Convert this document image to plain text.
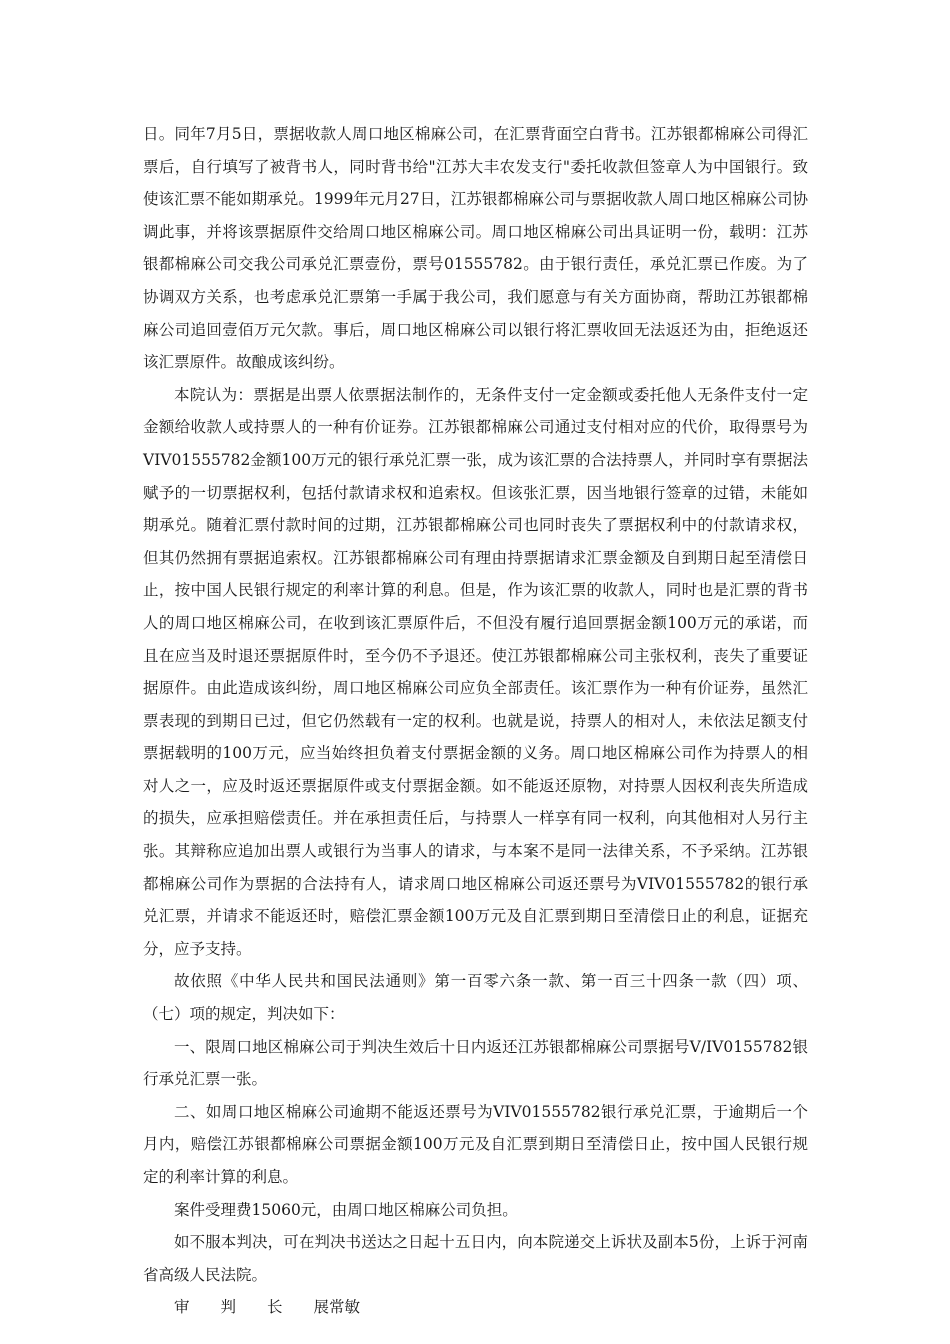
日。同年7月5日，票据收款人周口地区棉麻公司，在汇票背面空白背书。江苏银都棉麻公司得汇票后，自行填写了被背书人，同时背书给"江苏大丰农发支行"委托收款但签章人为中国银行。致使该汇票不能如期承兑。1999年元月27日，江苏银都棉麻公司与票据收款人周口地区棉麻公司协调此事，并将该票据原件交给周口地区棉麻公司。周口地区棉麻公司出具证明一份，载明：江苏银都棉麻公司交我公司承兑汇票壹份，票号01555782。由于银行责任，承兑汇票已作废。为了协调双方关系，也考虑承兑汇票第一手属于我公司，我们愿意与有关方面协商，帮助江苏银都棉麻公司追回壹佰万元欠款。事后，周口地区棉麻公司以银行将汇票收回无法返还为由，拒绝返还该汇票原件。故酿成该纠纷。

本院认为：票据是出票人依票据法制作的，无条件支付一定金额或委托他人无条件支付一定金额给收款人或持票人的一种有价证券。江苏银都棉麻公司通过支付相对应的代价，取得票号为VIV01555782金额100万元的银行承兑汇票一张，成为该汇票的合法持票人，并同时享有票据法赋予的一切票据权利，包括付款请求权和追索权。但该张汇票，因当地银行签章的过错，未能如期承兑。随着汇票付款时间的过期，江苏银都棉麻公司也同时丧失了票据权利中的付款请求权，但其仍然拥有票据追索权。江苏银都棉麻公司有理由持票据请求汇票金额及自到期日起至清偿日止，按中国人民银行规定的利率计算的利息。但是，作为该汇票的收款人，同时也是汇票的背书人的周口地区棉麻公司，在收到该汇票原件后，不但没有履行追回票据金额100万元的承诺，而且在应当及时退还票据原件时，至今仍不予退还。使江苏银都棉麻公司主张权利，丧失了重要证据原件。由此造成该纠纷，周口地区棉麻公司应负全部责任。该汇票作为一种有价证券，虽然汇票表现的到期日已过，但它仍然载有一定的权利。也就是说，持票人的相对人，未依法足额支付票据载明的100万元，应当始终担负着支付票据金额的义务。周口地区棉麻公司作为持票人的相对人之一，应及时返还票据原件或支付票据金额。如不能返还原物，对持票人因权利丧失所造成的损失，应承担赔偿责任。并在承担责任后，与持票人一样享有同一权利，向其他相对人另行主张。其辩称应追加出票人或银行为当事人的请求，与本案不是同一法律关系，不予采纳。江苏银都棉麻公司作为票据的合法持有人，请求周口地区棉麻公司返还票号为VIV01555782的银行承兑汇票，并请求不能返还时，赔偿汇票金额100万元及自汇票到期日至清偿日止的利息，证据充分，应予支持。

故依照《中华人民共和国民法通则》第一百零六条一款、第一百三十四条一款（四）项、（七）项的规定，判决如下：

一、限周口地区棉麻公司于判决生效后十日内返还江苏银都棉麻公司票据号V/IV0155782银行承兑汇票一张。

二、如周口地区棉麻公司逾期不能返还票号为VIV01555782银行承兑汇票，于逾期后一个月内，赔偿江苏银都棉麻公司票据金额100万元及自汇票到期日至清偿日止，按中国人民银行规定的利率计算的利息。

案件受理费15060元，由周口地区棉麻公司负担。

如不服本判决，可在判决书送达之日起十五日内，向本院递交上诉状及副本5份，上诉于河南省高级人民法院。

审　　判　　长　　 展常敏
